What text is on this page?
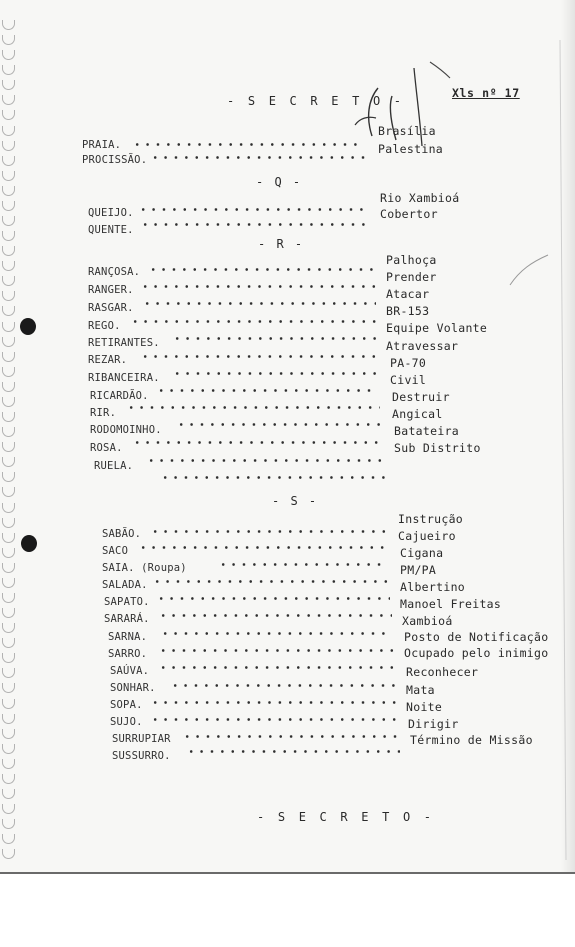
- S E C R E T O -
Xls nº 17
PRAIA.
Brasília
PROCISSÃO.
Palestina
- Q -
QUEIJO.
Rio Xambioá
QUENTE.
Cobertor
- R -
RANÇOSA.
Palhoça
RANGER.
Prender
RASGAR.
Atacar
REGO.
BR-153
RETIRANTES.
Equipe Volante
REZAR.
Atravessar
RIBANCEIRA.
PA-70
RICARDÃO.
Civil
RIR.
Destruir
RODOMOINHO.
Angical
ROSA.
Batateira
RUELA.
Sub Distrito
- S -
SABÃO.
Instrução
SACO
Cajueiro
SAIA. (Roupa)
Cigana
SALADA.
PM/PA
SAPATO.
Albertino
SARARÁ.
Manoel Freitas
SARNA.
Xambioá
SARRO.
Posto de Notificação
SAÚVA.
Ocupado pelo inimigo
SONHAR.
Reconhecer
SOPA.
Mata
SUJO.
Noite
SURRUPIAR
Dirigir
SUSSURRO.
Término de Missão
- S E C R E T O -
